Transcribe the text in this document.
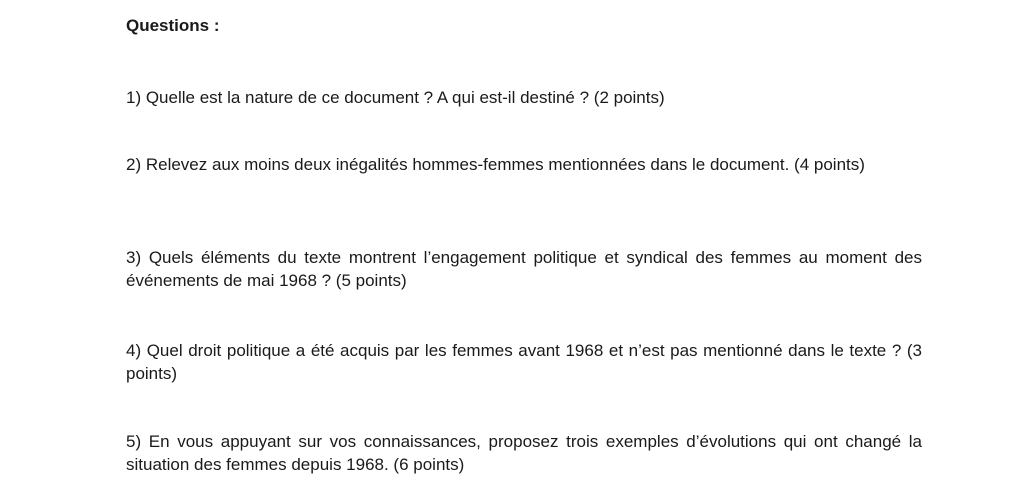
Questions :

1) Quelle est la nature de ce document ? A qui est-il destiné ? (2 points)

2) Relevez aux moins deux inégalités hommes-femmes mentionnées dans le document. (4 points)

3) Quels éléments du texte montrent l’engagement politique et syndical des femmes au moment des événements de mai 1968 ? (5 points)

4) Quel droit politique a été acquis par les femmes avant 1968 et n’est pas mentionné dans le texte ? (3 points)

5) En vous appuyant sur vos connaissances, proposez trois exemples d’évolutions qui ont changé la situation des femmes depuis 1968. (6 points)
